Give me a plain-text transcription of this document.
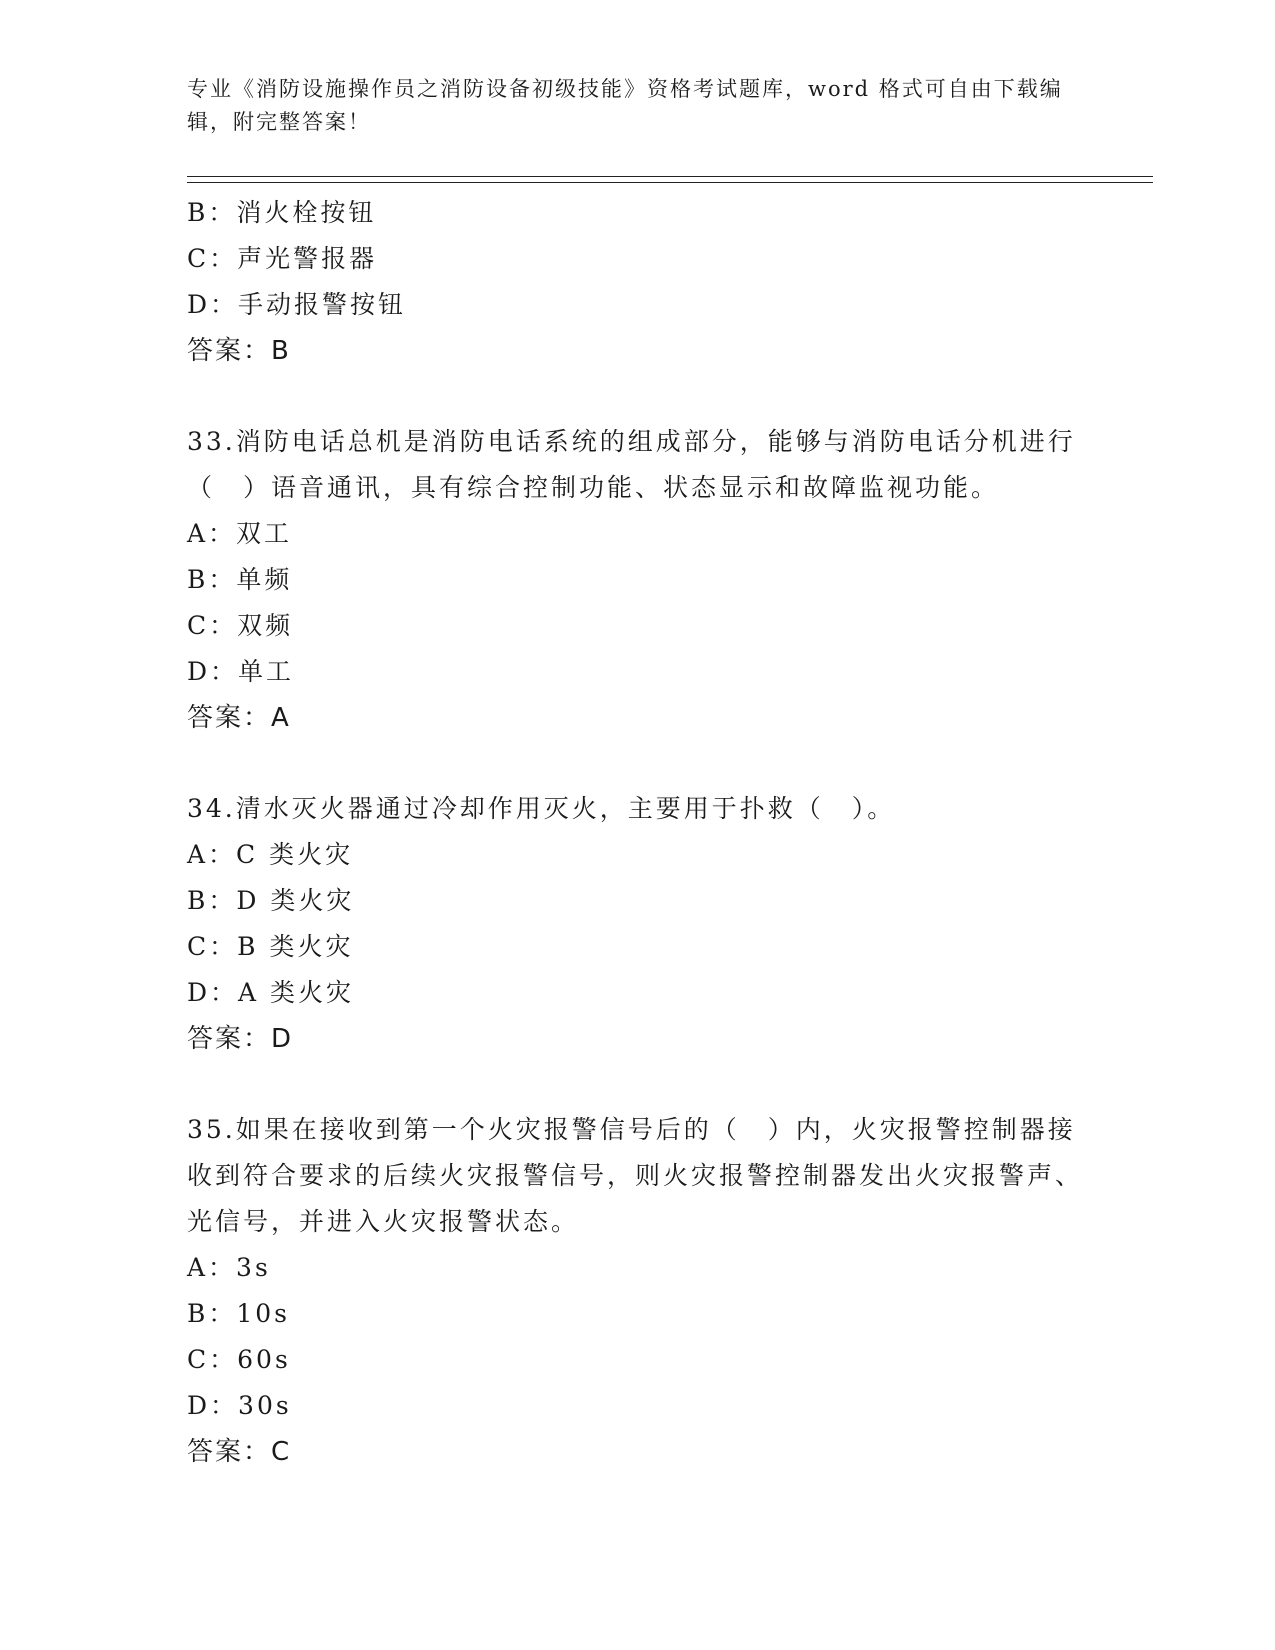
专业《消防设施操作员之消防设备初级技能》资格考试题库，word 格式可自由下载编辑，附完整答案！
B：消火栓按钮
C：声光警报器
D：手动报警按钮
答案：B
33.消防电话总机是消防电话系统的组成部分，能够与消防电话分机进行（　）语音通讯，具有综合控制功能、状态显示和故障监视功能。
A：双工
B：单频
C：双频
D：单工
答案：A
34.清水灭火器通过冷却作用灭火，主要用于扑救（　）。
A：C 类火灾
B：D 类火灾
C：B 类火灾
D：A 类火灾
答案：D
35.如果在接收到第一个火灾报警信号后的（　）内，火灾报警控制器接收到符合要求的后续火灾报警信号，则火灾报警控制器发出火灾报警声、光信号，并进入火灾报警状态。
A：3s
B：10s
C：60s
D：30s
答案：C
